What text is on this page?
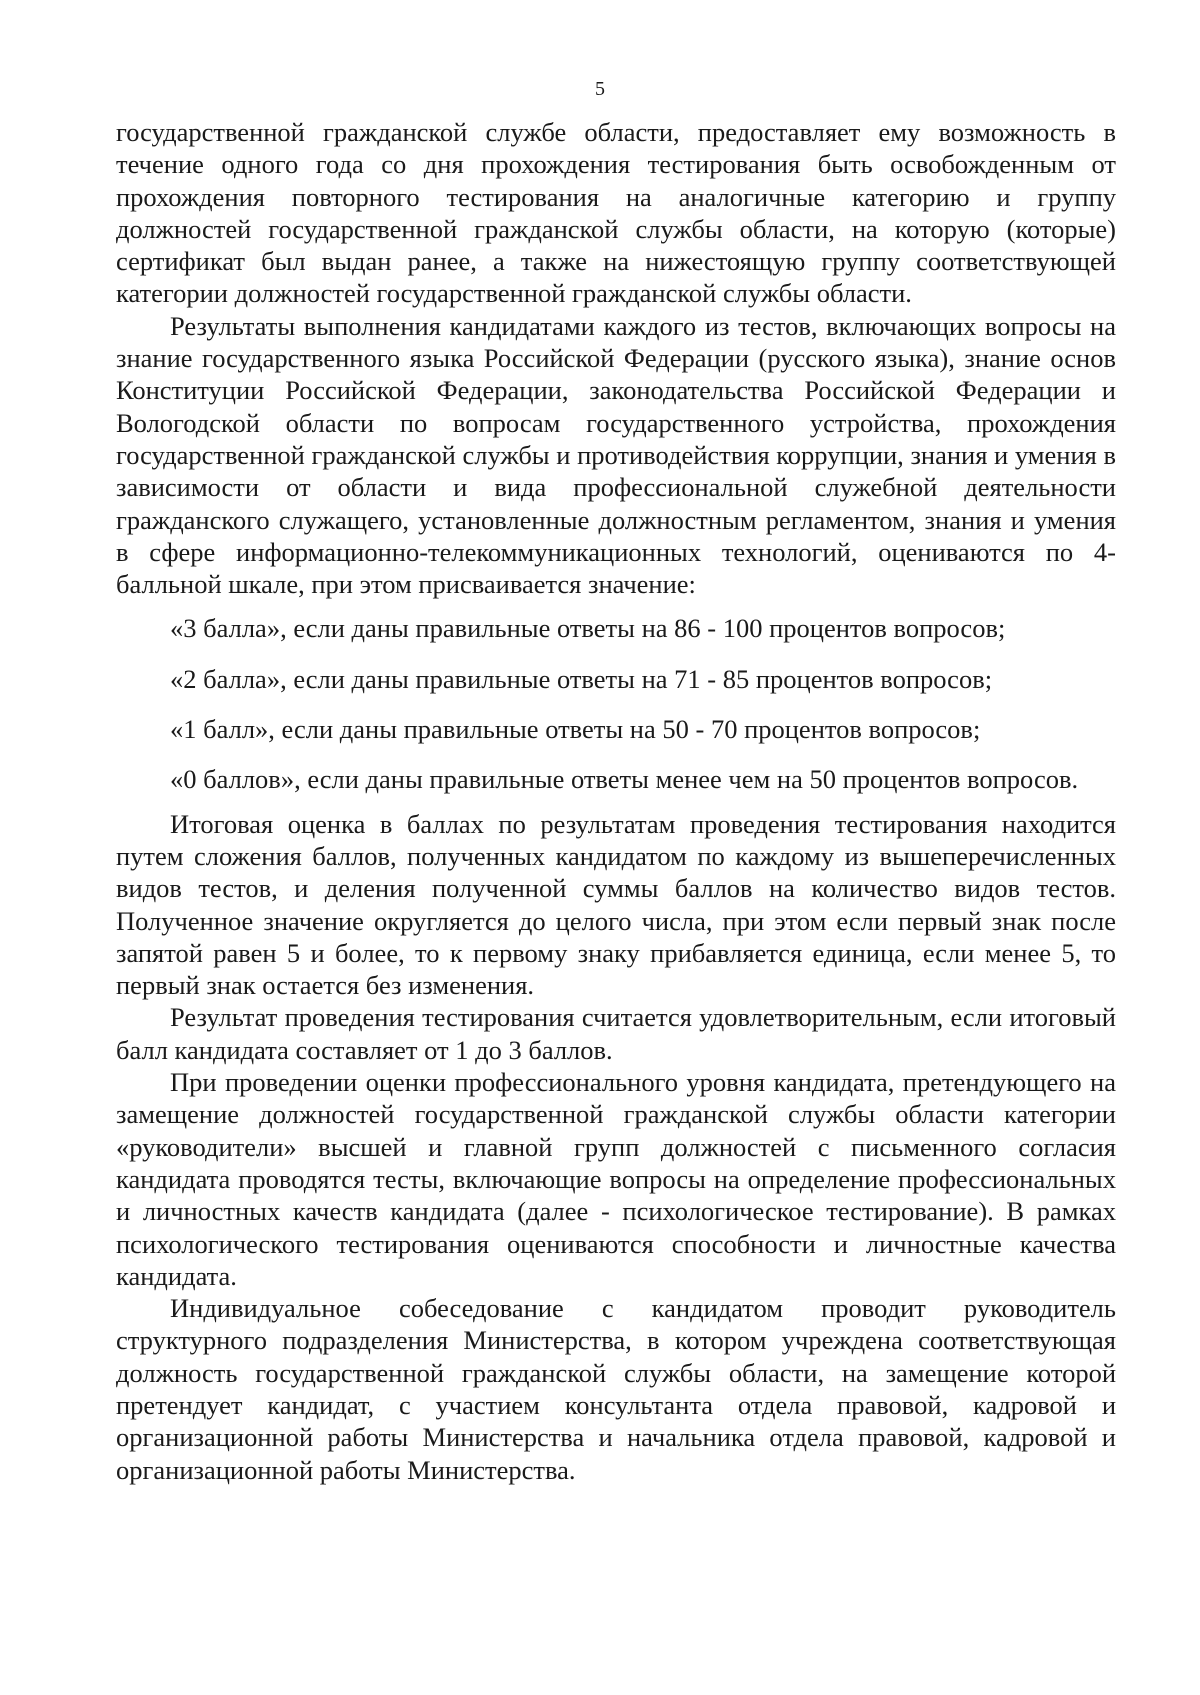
5

государственной гражданской службе области, предоставляет ему возможность в течение одного года со дня прохождения тестирования быть освобожденным от прохождения повторного тестирования на аналогичные категорию и группу должностей государственной гражданской службы области, на которую (которые) сертификат был выдан ранее, а также на нижестоящую группу соответствующей категории должностей государственной гражданской службы области.

Результаты выполнения кандидатами каждого из тестов, включающих вопросы на знание государственного языка Российской Федерации (русского языка), знание основ Конституции Российской Федерации, законодательства Российской Федерации и Вологодской области по вопросам государственного устройства, прохождения государственной гражданской службы и противодействия коррупции, знания и умения в зависимости от области и вида профессиональной служебной деятельности гражданского служащего, установленные должностным регламентом, знания и умения в сфере информационно-телекоммуникационных технологий, оцениваются по 4-балльной шкале, при этом присваивается значение:

«3 балла», если даны правильные ответы на 86 - 100 процентов вопросов;

«2 балла», если даны правильные ответы на 71 - 85 процентов вопросов;

«1 балл», если даны правильные ответы на 50 - 70 процентов вопросов;

«0 баллов», если даны правильные ответы менее чем на 50 процентов вопросов.

Итоговая оценка в баллах по результатам проведения тестирования находится путем сложения баллов, полученных кандидатом по каждому из вышеперечисленных видов тестов, и деления полученной суммы баллов на количество видов тестов. Полученное значение округляется до целого числа, при этом если первый знак после запятой равен 5 и более, то к первому знаку прибавляется единица, если менее 5, то первый знак остается без изменения.

Результат проведения тестирования считается удовлетворительным, если итоговый балл кандидата составляет от 1 до 3 баллов.

При проведении оценки профессионального уровня кандидата, претендующего на замещение должностей государственной гражданской службы области категории «руководители» высшей и главной групп должностей с письменного согласия кандидата проводятся тесты, включающие вопросы на определение профессиональных и личностных качеств кандидата (далее - психологическое тестирование). В рамках психологического тестирования оцениваются способности и личностные качества кандидата.

Индивидуальное собеседование с кандидатом проводит руководитель структурного подразделения Министерства, в котором учреждена соответствующая должность государственной гражданской службы области, на замещение которой претендует кандидат, с участием консультанта отдела правовой, кадровой и организационной работы Министерства и начальника отдела правовой, кадровой и организационной работы Министерства.
